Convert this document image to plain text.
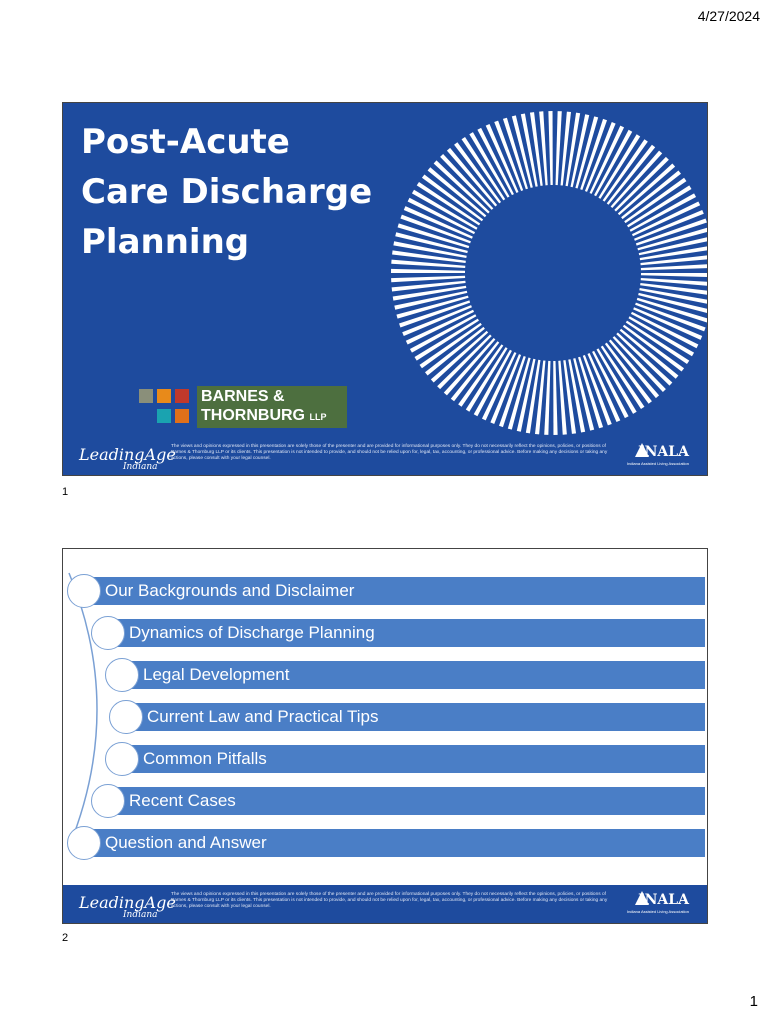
4/27/2024
Post-Acute
Care Discharge
Planning
BARNES &
THORNBURG LLP
LeadingAge
Indiana
The views and opinions expressed in this presentation are solely those of the presenter and are provided for informational purposes only. They do not necessarily reflect the opinions, policies, or positions of Barnes & Thornburg LLP or its clients. This presentation is not intended to provide, and should not be relied upon for, legal, tax, accounting, or professional advice. Before making any decisions or taking any actions, please consult with your legal counsel.	INALA
Indiana Assisted Living Association
1
Our Backgrounds and Disclaimer
Dynamics of Discharge Planning
Legal Development
Current Law and Practical Tips
Common Pitfalls
Recent Cases
Question and Answer
LeadingAge
Indiana
The views and opinions expressed in this presentation are solely those of the presenter and are provided for informational purposes only. They do not necessarily reflect the opinions, policies, or positions of Barnes & Thornburg LLP or its clients. This presentation is not intended to provide, and should not be relied upon for, legal, tax, accounting, or professional advice. Before making any decisions or taking any actions, please consult with your legal counsel.	INALA
Indiana Assisted Living Association
2
1
